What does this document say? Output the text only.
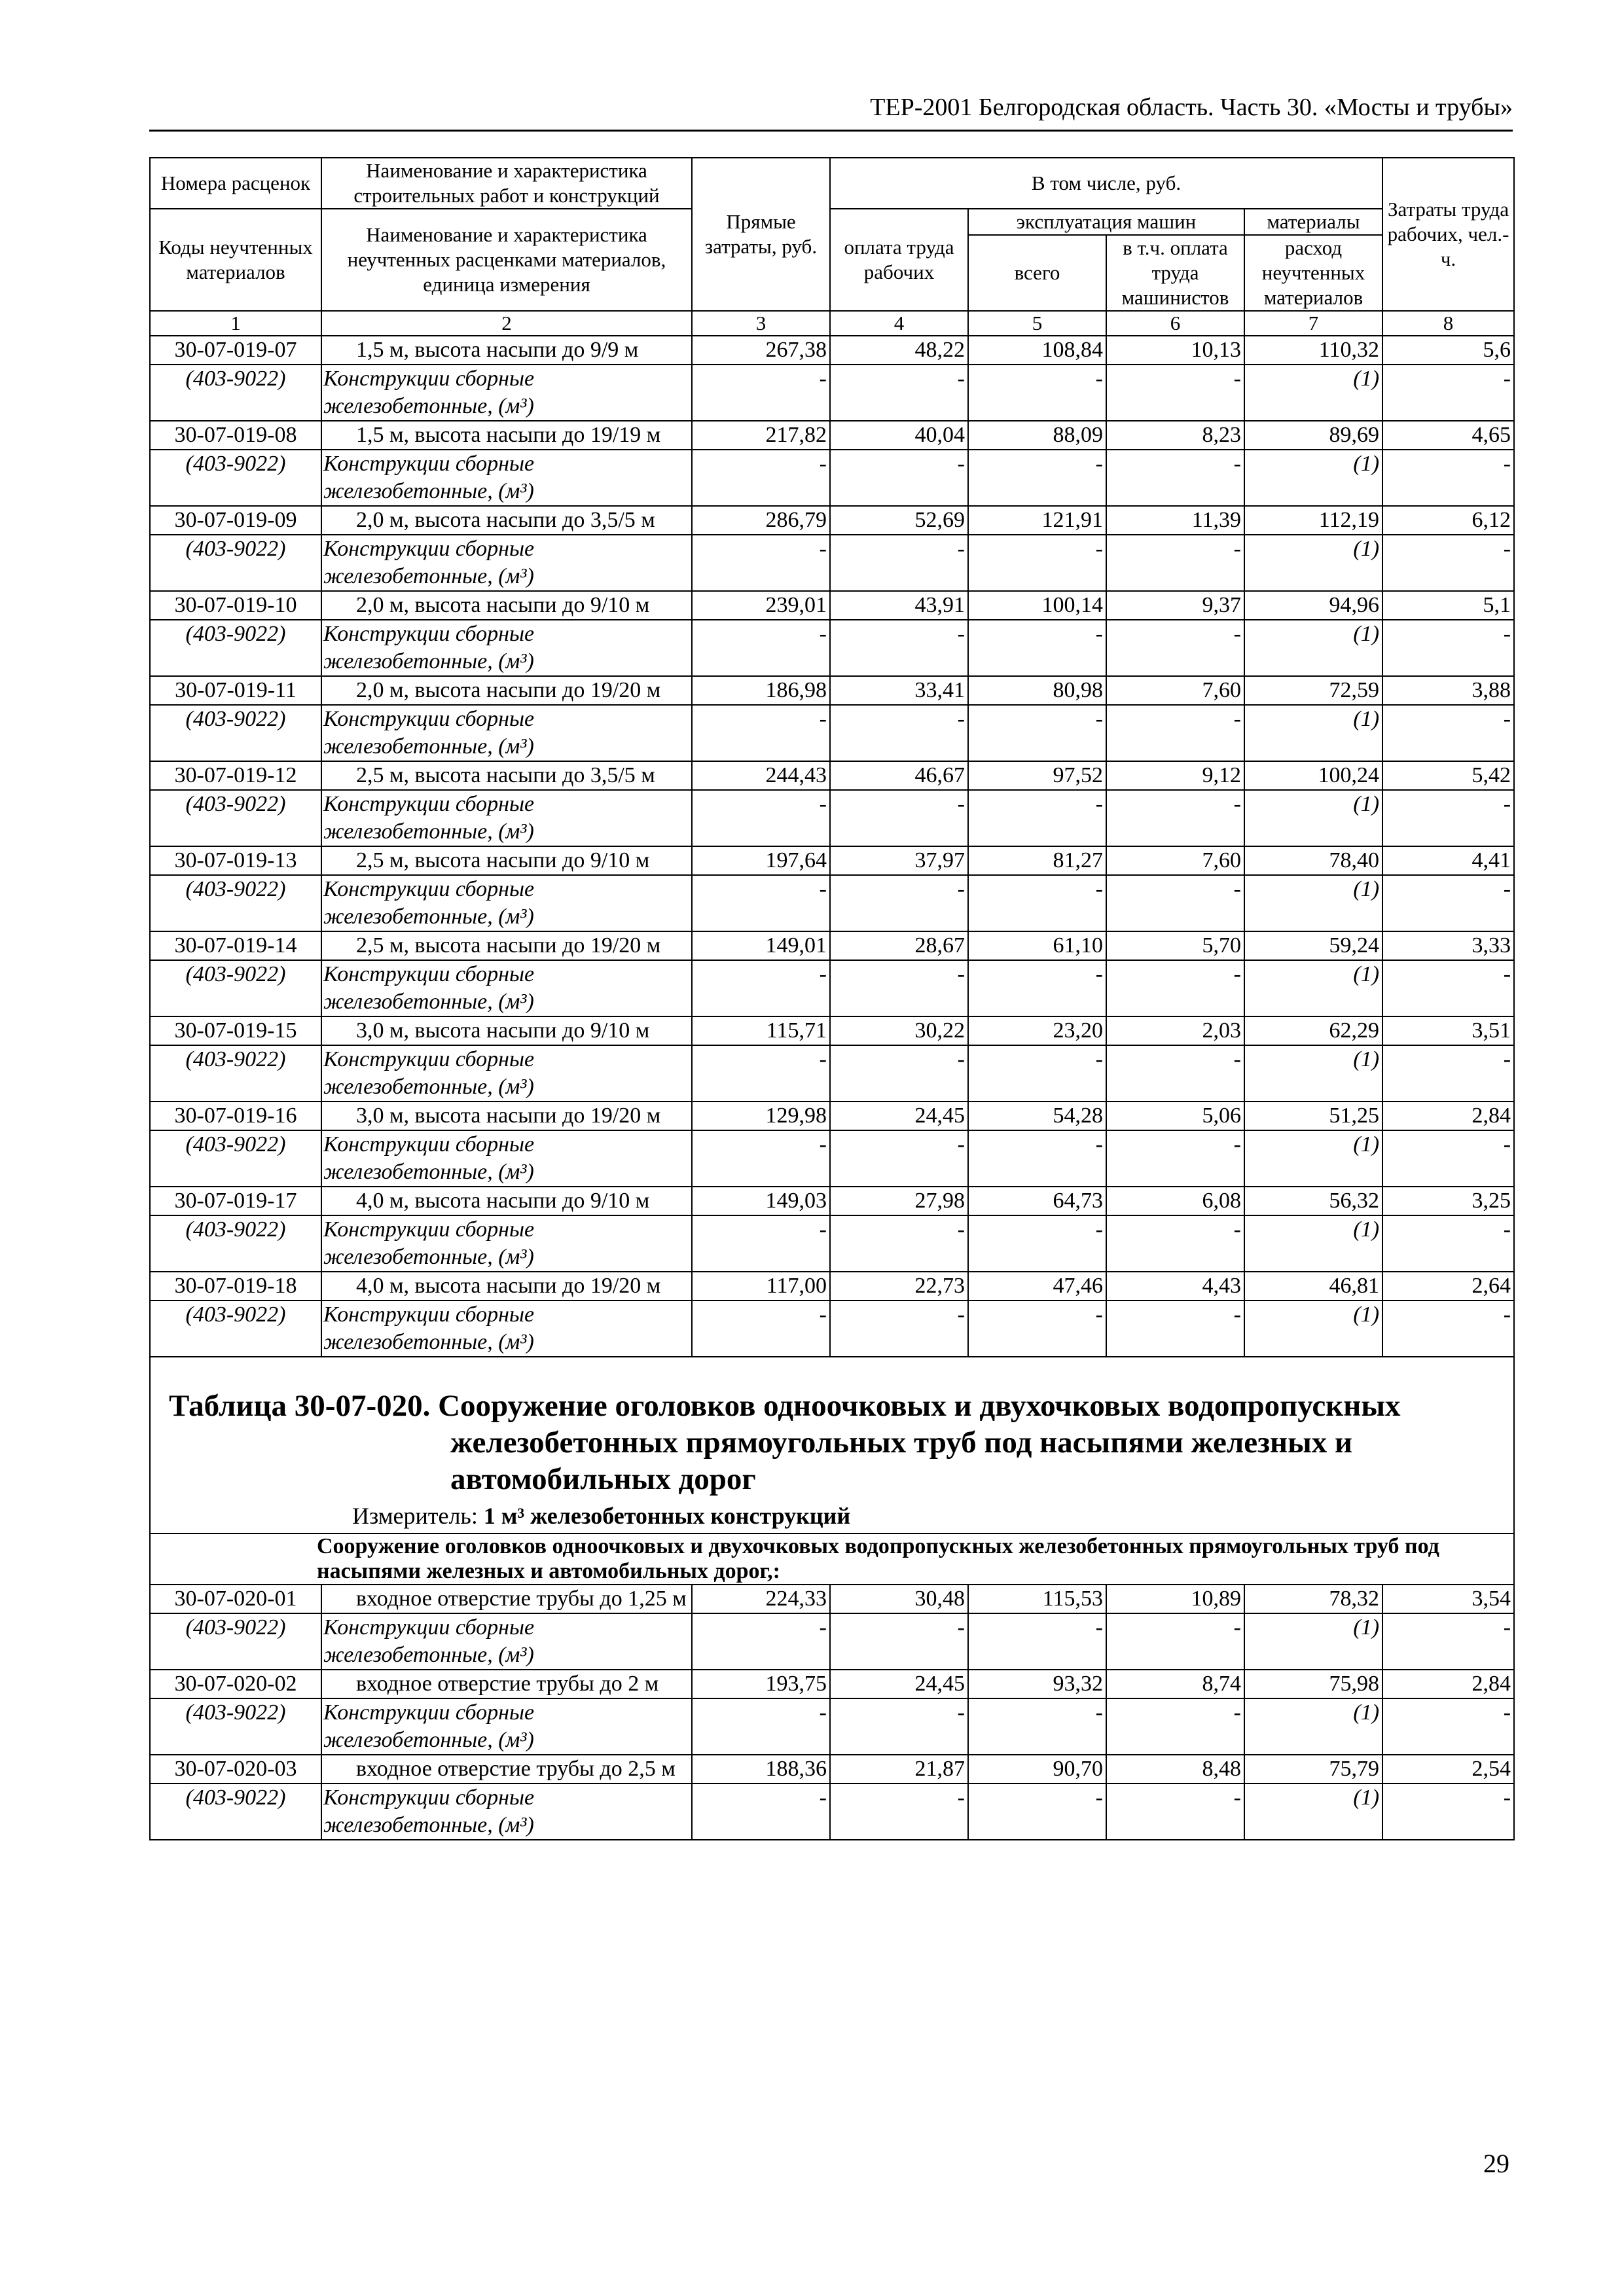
ТЕР-2001 Белгородская область. Часть 30. «Мосты и трубы»
Номера расценок	Наименование и характеристика строительных работ и конструкций	Прямые затраты, руб.	В том числе, руб.				Затраты труда рабочих, чел.-ч.
Коды неучтенных материалов	Наименование и характеристика неучтенных расценками материалов, единица измерения		оплата труда рабочих	эксплуатация машин		материалы	
				всего	в т.ч. оплата труда машинистов	расход неучтенных материалов	
1	2	3	4	5	6	7	8
30-07-019-07	1,5 м, высота насыпи до 9/9 м	267,38	48,22	108,84	10,13	110,32	5,6
(403-9022)	Конструкции сборные железобетонные, (м³)	-	-	-	-	(1)	-
30-07-019-08	1,5 м, высота насыпи до 19/19 м	217,82	40,04	88,09	8,23	89,69	4,65
(403-9022)	Конструкции сборные железобетонные, (м³)	-	-	-	-	(1)	-
30-07-019-09	2,0 м, высота насыпи до 3,5/5 м	286,79	52,69	121,91	11,39	112,19	6,12
(403-9022)	Конструкции сборные железобетонные, (м³)	-	-	-	-	(1)	-
30-07-019-10	2,0 м, высота насыпи до 9/10 м	239,01	43,91	100,14	9,37	94,96	5,1
(403-9022)	Конструкции сборные железобетонные, (м³)	-	-	-	-	(1)	-
30-07-019-11	2,0 м, высота насыпи до 19/20 м	186,98	33,41	80,98	7,60	72,59	3,88
(403-9022)	Конструкции сборные железобетонные, (м³)	-	-	-	-	(1)	-
30-07-019-12	2,5 м, высота насыпи до 3,5/5 м	244,43	46,67	97,52	9,12	100,24	5,42
(403-9022)	Конструкции сборные железобетонные, (м³)	-	-	-	-	(1)	-
30-07-019-13	2,5 м, высота насыпи до 9/10 м	197,64	37,97	81,27	7,60	78,40	4,41
(403-9022)	Конструкции сборные железобетонные, (м³)	-	-	-	-	(1)	-
30-07-019-14	2,5 м, высота насыпи до 19/20 м	149,01	28,67	61,10	5,70	59,24	3,33
(403-9022)	Конструкции сборные железобетонные, (м³)	-	-	-	-	(1)	-
30-07-019-15	3,0 м, высота насыпи до 9/10 м	115,71	30,22	23,20	2,03	62,29	3,51
(403-9022)	Конструкции сборные железобетонные, (м³)	-	-	-	-	(1)	-
30-07-019-16	3,0 м, высота насыпи до 19/20 м	129,98	24,45	54,28	5,06	51,25	2,84
(403-9022)	Конструкции сборные железобетонные, (м³)	-	-	-	-	(1)	-
30-07-019-17	4,0 м, высота насыпи до 9/10 м	149,03	27,98	64,73	6,08	56,32	3,25
(403-9022)	Конструкции сборные железобетонные, (м³)	-	-	-	-	(1)	-
30-07-019-18	4,0 м, высота насыпи до 19/20 м	117,00	22,73	47,46	4,43	46,81	2,64
(403-9022)	Конструкции сборные железобетонные, (м³)	-	-	-	-	(1)	-

Таблица 30-07-020. Сооружение оголовков одноочковых и двухочковых водопропускных
железобетонных прямоугольных труб под насыпями железных и
автомобильных дорог
Измеритель: 1 м³ железобетонных конструкций							

Сооружение оголовков одноочковых и двухочковых водопропускных железобетонных прямоугольных труб под насыпями железных и автомобильных дорог,:							
30-07-020-01	входное отверстие трубы до 1,25 м	224,33	30,48	115,53	10,89	78,32	3,54
(403-9022)	Конструкции сборные железобетонные, (м³)	-	-	-	-	(1)	-
30-07-020-02	входное отверстие трубы до 2 м	193,75	24,45	93,32	8,74	75,98	2,84
(403-9022)	Конструкции сборные железобетонные, (м³)	-	-	-	-	(1)	-
30-07-020-03	входное отверстие трубы до 2,5 м	188,36	21,87	90,70	8,48	75,79	2,54
(403-9022)	Конструкции сборные железобетонные, (м³)	-	-	-	-	(1)	-
29
